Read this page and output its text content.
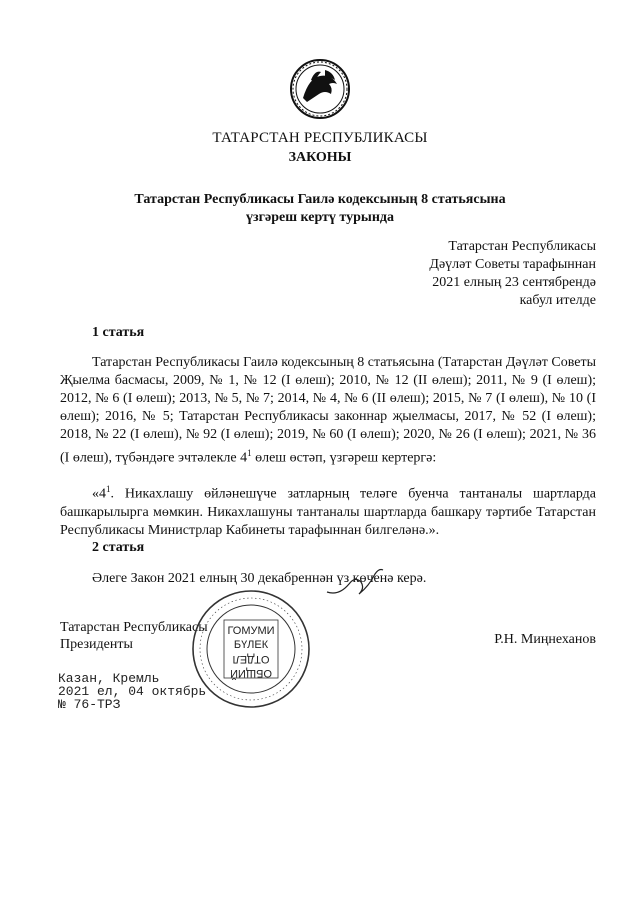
ТАТАРСТАН РЕСПУБЛИКАСЫ
ЗАКОНЫ
Татарстан Республикасы Гаилә кодексының 8 статьясына
үзгәреш кертү турында
Татарстан Республикасы
Дәүләт Советы тарафыннан
2021 елның 23 сентябрендә
кабул ителде
1 статья
Татарстан Республикасы Гаилә кодексының 8 статьясына (Татарстан Дәүләт Советы Җыелма басмасы, 2009, № 1, № 12 (I өлеш); 2010, № 12 (II өлеш); 2011, № 9 (I өлеш); 2012, № 6 (I өлеш); 2013, № 5, № 7; 2014, № 4, № 6 (II өлеш); 2015, № 7 (I өлеш), № 10 (I өлеш); 2016, № 5; Татарстан Республикасы законнар җыелмасы, 2017, № 52 (I өлеш); 2018, № 22 (I өлеш), № 92 (I өлеш); 2019, № 60 (I өлеш); 2020, № 26 (I өлеш); 2021, № 36 (I өлеш), түбәндәге эчтәлекле $4^1$ өлеш өстәп, үзгәреш кертергә:
«$4^1$. Никахлашу өйләнешүче затларның теләге буенча тантаналы шартларда башкарылырга мөмкин. Никахлашуны тантаналы шартларда башкару тәртибе Татарстан Республикасы Министрлар Кабинеты тарафыннан билгеләнә.».
2 статья
Әлеге Закон 2021 елның 30 декабреннән үз көченә керә.
Татарстан Республикасы
Президенты	Р.Н. Миңнеханов
ГОМУМИ
БҮЛЕК
ОТДЕЛ
ОБЩИЙ
Казан, Кремль
2021 ел, 04 октябрь
№ 76-ТРЗ
